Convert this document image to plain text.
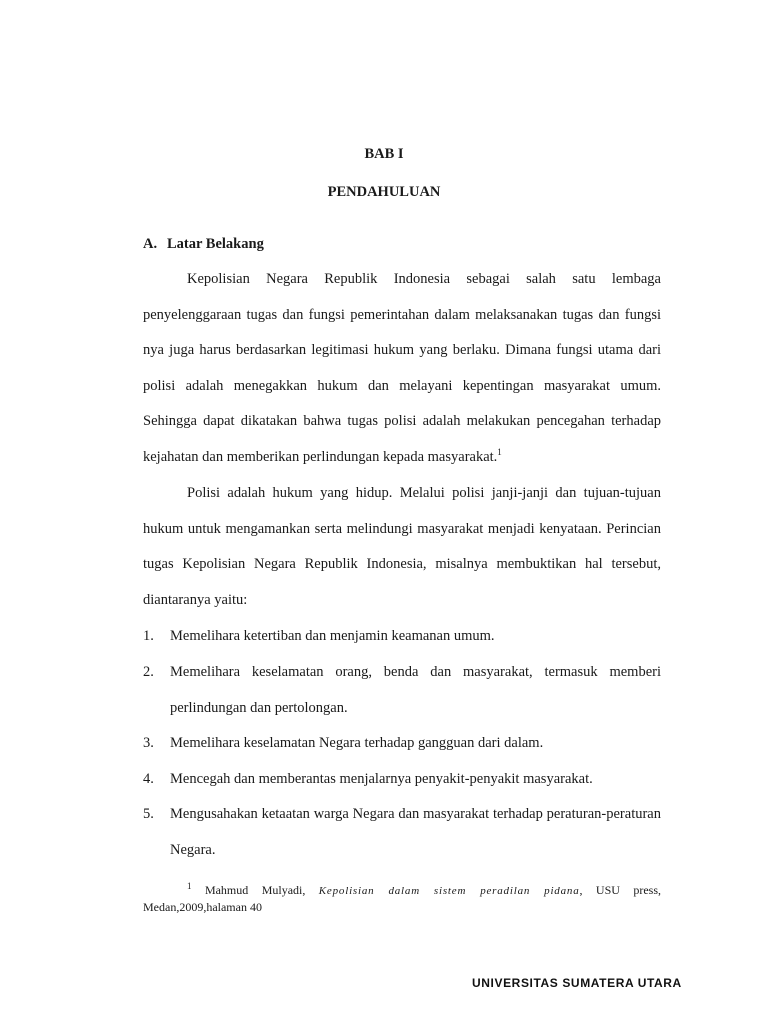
BAB I
PENDAHULUAN
A. Latar Belakang

Kepolisian Negara Republik Indonesia sebagai salah satu lembaga penyelenggaraan tugas dan fungsi pemerintahan dalam melaksanakan tugas dan fungsi nya juga harus berdasarkan legitimasi hukum yang berlaku. Dimana fungsi utama dari polisi adalah menegakkan hukum dan melayani kepentingan masyarakat umum. Sehingga dapat dikatakan bahwa tugas polisi adalah melakukan pencegahan terhadap kejahatan dan memberikan perlindungan kepada masyarakat.$^1$

Polisi adalah hukum yang hidup. Melalui polisi janji-janji dan tujuan-tujuan hukum untuk mengamankan serta melindungi masyarakat menjadi kenyataan. Perincian tugas Kepolisian Negara Republik Indonesia, misalnya membuktikan hal tersebut, diantaranya yaitu:

1. Memelihara ketertiban dan menjamin keamanan umum.
2. Memelihara keselamatan orang, benda dan masyarakat, termasuk memberi perlindungan dan pertolongan.
3. Memelihara keselamatan Negara terhadap gangguan dari dalam.
4. Mencegah dan memberantas menjalarnya penyakit-penyakit masyarakat.
5. Mengusahakan ketaatan warga Negara dan masyarakat terhadap peraturan-peraturan Negara.
$^1$ Mahmud Mulyadi, Kepolisian dalam sistem peradilan pidana, USU press,
Medan,2009,halaman 40
UNIVERSITAS SUMATERA UTARA
